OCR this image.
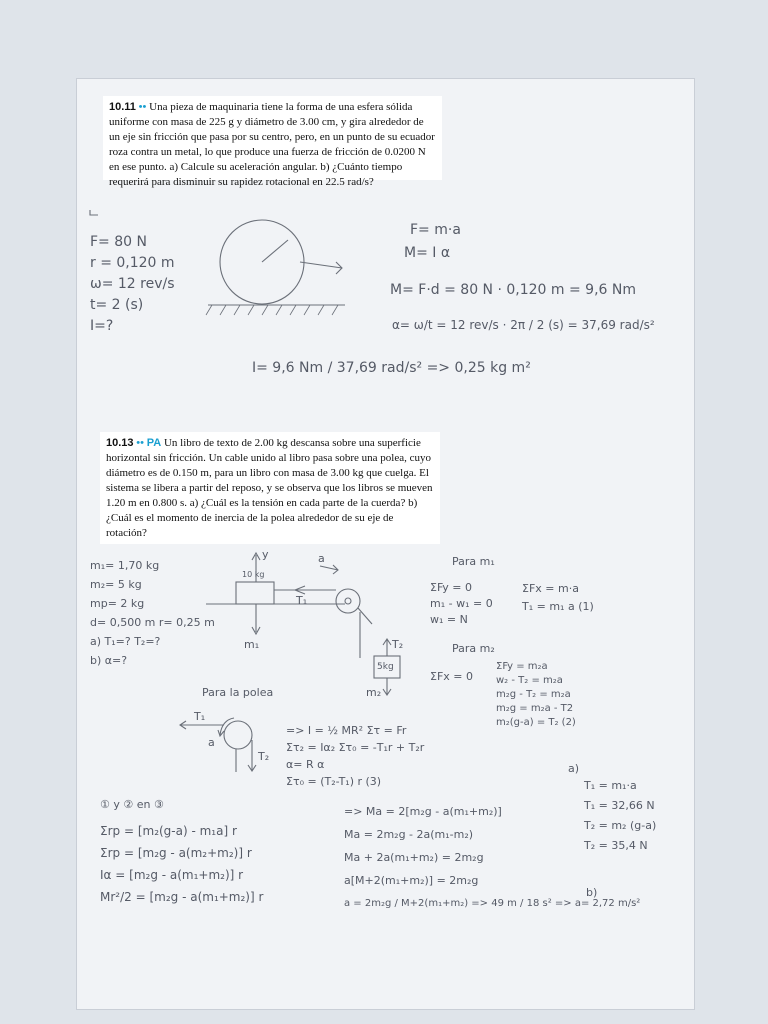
10.11 •• Una pieza de maquinaria tiene la forma de una esfera sólida uniforme con masa de 225 g y diámetro de 3.00 cm, y gira alrededor de un eje sin fricción que pasa por su centro, pero, en un punto de su ecuador roza contra un metal, lo que produce una fuerza de fricción de 0.0200 N en ese punto. a) Calcule su aceleración angular. b) ¿Cuánto tiempo requerirá para disminuir su rapidez rotacional en 22.5 rad/s?
F= 80 N
r = 0,120 m
ω= 12 rev/s
t= 2 (s)
I=?
F= m·a
M= I α
M= F·d = 80 N · 0,120 m = 9,6 Nm
α= ω/t = 12 rev/s · 2π / 2 (s) = 37,69 rad/s²
I= 9,6 Nm / 37,69 rad/s² => 0,25 kg m²
10.13 •• PA Un libro de texto de 2.00 kg descansa sobre una superficie horizontal sin fricción. Un cable unido al libro pasa sobre una polea, cuyo diámetro es de 0.150 m, para un libro con masa de 3.00 kg que cuelga. El sistema se libera a partir del reposo, y se observa que los libros se mueven 1.20 m en 0.800 s. a) ¿Cuál es la tensión en cada parte de la cuerda? b) ¿Cuál es el momento de inercia de la polea alrededor de su eje de rotación?
y
10 kg
T₁
m₁
a
T₂
5kg
m₂
T₁
T₂
a
m₁= 1,70 kg
m₂= 5 kg
mp= 2 kg
d= 0,500 m r= 0,25 m
a) T₁=? T₂=?
b) α=?
Para m₁
ΣFy = 0
m₁ - w₁ = 0
w₁ = N
ΣFx = m·a
T₁ = m₁ a (1)
Para m₂
ΣFx = 0
ΣFy = m₂a
w₂ - T₂ = m₂a
m₂g - T₂ = m₂a
m₂g = m₂a - T2
m₂(g-a) = T₂ (2)
Para la polea
=> I = ½ MR² Στ = Fr
Στ₂ = Iα₂ Στ₀ = -T₁r + T₂r
α= R α
Στ₀ = (T₂-T₁) r (3)
① y ② en ③
Σrp = [m₂(g-a) - m₁a] r
Σrp = [m₂g - a(m₂+m₂)] r
Iα = [m₂g - a(m₁+m₂)] r
Mr²/2 = [m₂g - a(m₁+m₂)] r
=> Ma = 2[m₂g - a(m₁+m₂)]
Ma = 2m₂g - 2a(m₁-m₂)
Ma + 2a(m₁+m₂) = 2m₂g
a[M+2(m₁+m₂)] = 2m₂g
a = 2m₂g / M+2(m₁+m₂) => 49 m / 18 s² => a= 2,72 m/s²
a)
T₁ = m₁·a
T₁ = 32,66 N
T₂ = m₂ (g-a)
T₂ = 35,4 N
b)
